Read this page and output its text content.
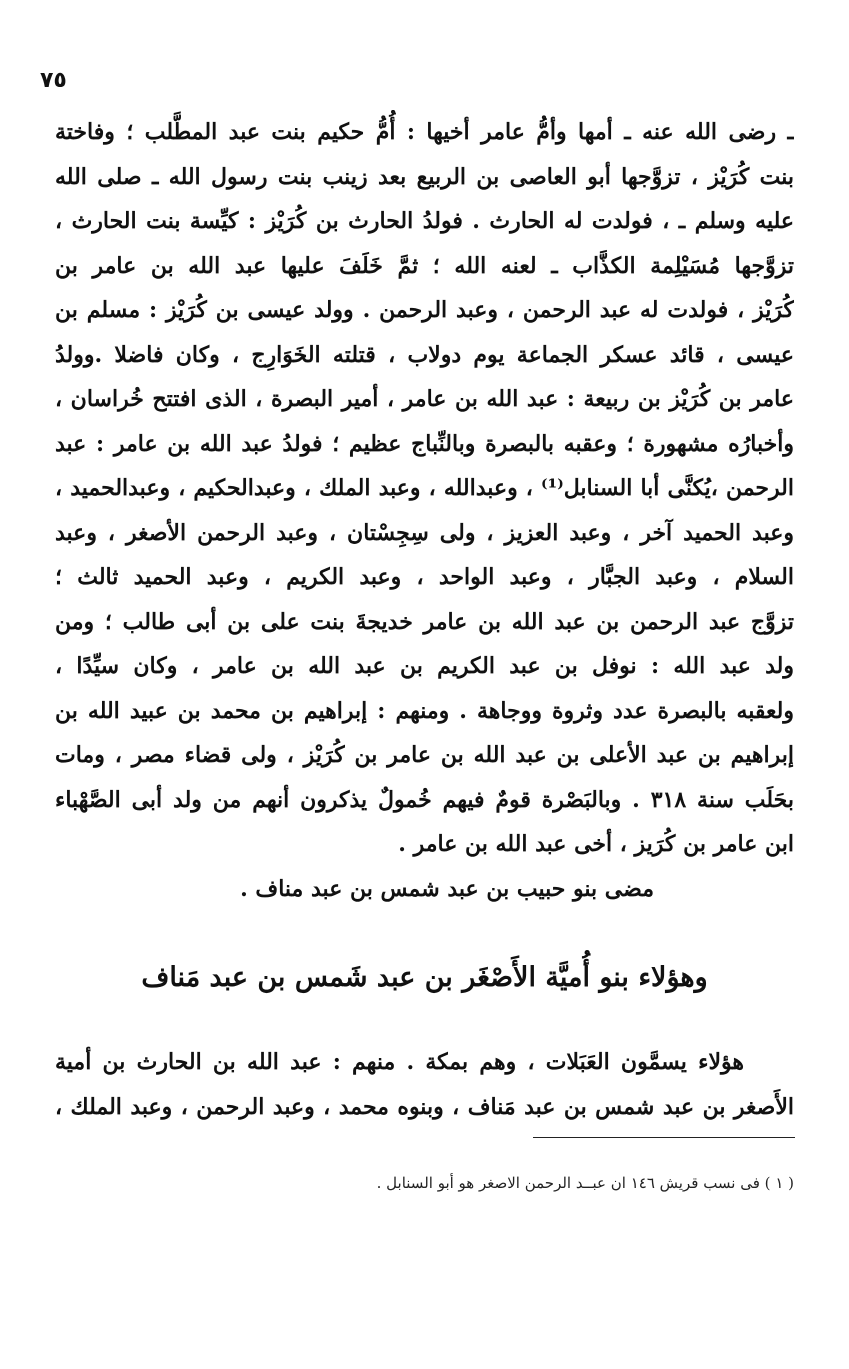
٧٥
ـ رضى الله عنه ـ أمها وأمُّ عامر أخيها : أُمُّ حكيم بنت عبد المطَّلب ؛ وفاختة
بنت كُرَيْز ، تزوَّجها أبو العاصى بن الربيع بعد زينب بنت رسول الله ـ صلى الله
عليه وسلم ـ ، فولدت له الحارث . فولدُ الحارث بن كُرَيْز : كيِّسة بنت الحارث ،
تزوَّجها مُسَيْلِمة الكذَّاب ـ لعنه الله ؛ ثمَّ خَلَفَ عليها عبد الله بن عامر بن
كُرَيْز ، فولدت له عبد الرحمن ، وعبد الرحمن . وولد عيسى بن كُرَيْز : مسلم بن
عيسى ، قائد عسكر الجماعة يوم دولاب ، قتلته الخَوَارِج ، وكان فاضلا .وولدُ
عامر بن كُرَيْز بن ربيعة : عبد الله بن عامر ، أمير البصرة ، الذى افتتح خُراسان ،
وأخبارُه مشهورة ؛ وعقبه بالبصرة وبالنِّباج عظيم ؛ فولدُ عبد الله بن عامر : عبد
الرحمن ،يُكنَّى أبا السنابل⁽¹⁾ ، وعبدالله ، وعبد الملك ، وعبدالحكيم ، وعبدالحميد ،
وعبد الحميد آخر ، وعبد العزيز ، ولى سِجِسْتان ، وعبد الرحمن الأصغر ، وعبد
السلام ، وعبد الجبَّار ، وعبد الواحد ، وعبد الكريم ، وعبد الحميد ثالث ؛
تزوَّج عبد الرحمن بن عبد الله بن عامر خديجةَ بنت على بن أبى طالب ؛ ومن
ولد عبد الله : نوفل بن عبد الكريم بن عبد الله بن عامر ، وكان سيِّدًا ،
ولعقبه بالبصرة عدد وثروة ووجاهة . ومنهم : إبراهيم بن محمد بن عبيد الله بن
إبراهيم بن عبد الأعلى بن عبد الله بن عامر بن كُرَيْز ، ولى قضاء مصر ، ومات
بحَلَب سنة ٣١٨ . وبالبَصْرة قومٌ فيهم خُمولٌ يذكرون أنهم من ولد أبى الصَّهْباء
ابن عامر بن كُرَيز ، أخى عبد الله بن عامر .
مضى بنو حبيب بن عبد شمس بن عبد مناف .
وهؤلاء بنو أُميَّة الأَصْغَر بن عبد شَمس بن عبد مَناف
هؤلاء يسمَّون العَبَلات ، وهم بمكة . منهم : عبد الله بن الحارث بن أمية
الأَصغر بن عبد شمس بن عبد مَناف ، وبنوه محمد ، وعبد الرحمن ، وعبد الملك ،
( ١ ) فى نسب قريش ١٤٦ ان عبــد الرحمن الاصغر هو أبو السنابل .
